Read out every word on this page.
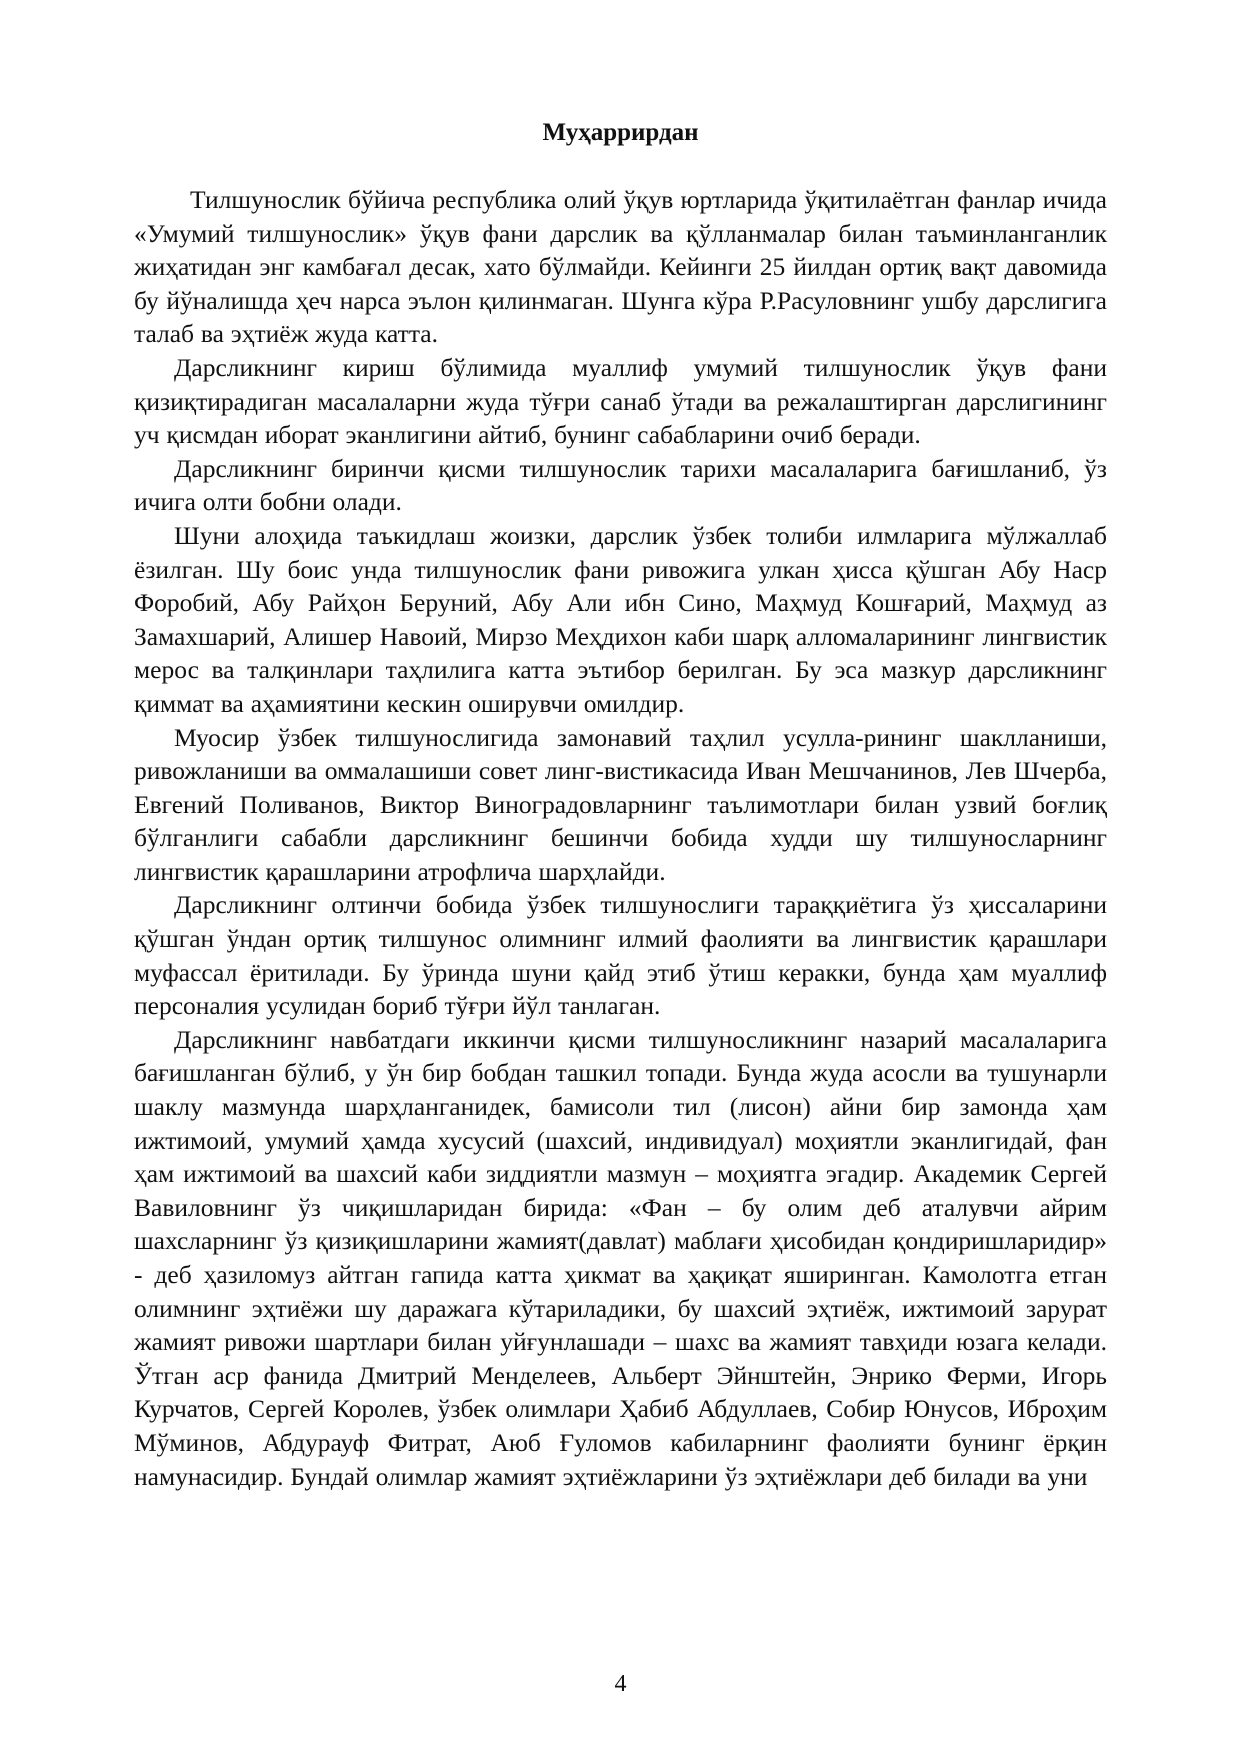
Муҳаррирдан

Тилшунослик бўйича республика олий ўқув юртларида ўқитилаётган фанлар ичида «Умумий тилшунослик» ўқув фани дарслик ва қўлланмалар билан таъминланганлик жиҳатидан энг камбағал десак, хато бўлмайди. Кейинги 25 йилдан ортиқ вақт давомида бу йўналишда ҳеч нарса эълон қилинмаган. Шунга кўра Р.Расуловнинг ушбу дарслигига талаб ва эҳтиёж жуда катта.

Дарсликнинг кириш бўлимида муаллиф умумий тилшунослик ўқув фани қизиқтирадиган масалаларни жуда тўғри санаб ўтади ва режалаштирган дарслигининг уч қисмдан иборат эканлигини айтиб, бунинг сабабларини очиб беради.

Дарсликнинг биринчи қисми тилшунослик тарихи масалаларига бағишланиб, ўз ичига олти бобни олади.

Шуни алоҳида таъкидлаш жоизки, дарслик ўзбек толиби илмларига мўлжаллаб ёзилган. Шу боис унда тилшунослик фани ривожига улкан ҳисса қўшган Абу Наср Форобий, Абу Райҳон Беруний, Абу Али ибн Сино, Маҳмуд Кошғарий, Маҳмуд аз Замахшарий, Алишер Навоий, Мирзо Меҳдихон каби шарқ алломаларининг лингвистик мерос ва талқинлари таҳлилига катта эътибор берилган. Бу эса мазкур дарсликнинг қиммат ва аҳамиятини кескин оширувчи омилдир.

Муосир ўзбек тилшунослигида замонавий таҳлил усулла-рининг шаклланиши, ривожланиши ва оммалашиши совет линг-вистикасида Иван Мешчанинов, Лев Шчерба, Евгений Поливанов, Виктор Виноградовларнинг таълимотлари билан узвий боғлиқ бўлганлиги сабабли дарсликнинг бешинчи бобида худди шу тилшуносларнинг лингвистик қарашларини атрофлича шарҳлайди.

Дарсликнинг олтинчи бобида ўзбек тилшунослиги тараққиётига ўз ҳиссаларини қўшган ўндан ортиқ тилшунос олимнинг илмий фаолияти ва лингвистик қарашлари муфассал ёритилади. Бу ўринда шуни қайд этиб ўтиш керакки, бунда ҳам муаллиф персоналия усулидан бориб тўғри йўл танлаган.

Дарсликнинг навбатдаги иккинчи қисми тилшуносликнинг назарий масалаларига бағишланган бўлиб, у ўн бир бобдан ташкил топади. Бунда жуда асосли ва тушунарли шаклу мазмунда шарҳланганидек, бамисоли тил (лисон) айни бир замонда ҳам ижтимоий, умумий ҳамда хусусий (шахсий, индивидуал) моҳиятли эканлигидай, фан ҳам ижтимоий ва шахсий каби зиддиятли мазмун – моҳиятга эгадир. Академик Сергей Вавиловнинг ўз чиқишларидан бирида: «Фан – бу олим деб аталувчи айрим шахсларнинг ўз қизиқишларини жамият(давлат) маблағи ҳисобидан қондиришларидир» - деб ҳазиломуз айтган гапида катта ҳикмат ва ҳақиқат яширинган. Камолотга етган олимнинг эҳтиёжи шу даражага кўтариладики, бу шахсий эҳтиёж, ижтимоий зарурат жамият ривожи шартлари билан уйғунлашади – шахс ва жамият тавҳиди юзага келади. Ўтган аср фанида Дмитрий Менделеев, Альберт Эйнштейн, Энрико Ферми, Игорь Курчатов, Сергей Королев, ўзбек олимлари Ҳабиб Абдуллаев, Собир Юнусов, Иброҳим Мўминов, Абдурауф Фитрат, Аюб Ғуломов кабиларнинг фаолияти бунинг ёрқин намунасидир. Бундай олимлар жамият эҳтиёжларини ўз эҳтиёжлари деб билади ва уни

4
